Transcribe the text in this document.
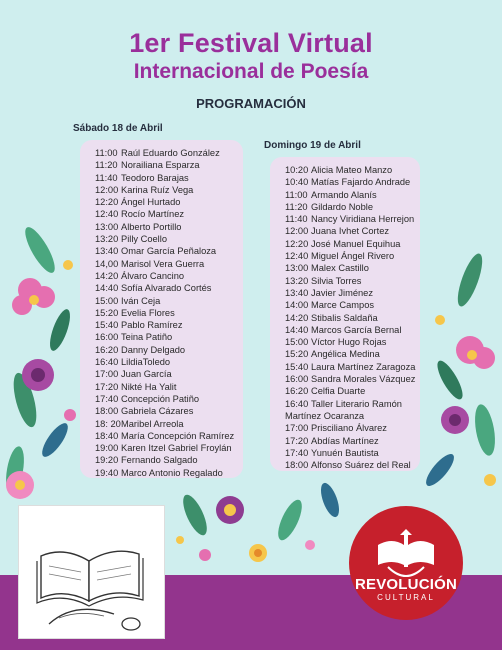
1er Festival Virtual
Internacional de Poesía
PROGRAMACIÓN
Sábado 18 de Abril
11:00 Raúl Eduardo González
11:20 Norailiana Esparza
11:40 Teodoro Barajas
12:00 Karina Ruíz Vega
12:20 Ángel Hurtado
12:40 Rocío Martínez
13:00 Alberto Portillo
13:20 Pilly Coello
13:40 Omar García Peñaloza
14,00 Marisol Vera Guerra
14:20 Álvaro Cancino
14:40 Sofía Alvarado Cortés
15:00 Iván Ceja
15:20 Evelia Flores
15:40 Pablo Ramírez
16:00 Teina Patiño
16:20 Danny Delgado
16:40 LildiaToledo
17:00 Juan García
17:20 Nikté Ha Yalit
17:40 Concepción Patiño
18:00 Gabriela Cázares
18: 20Maribel Arreola
18:40 María Concepción Ramírez
19:00 Karen Itzel Gabriel Froylán
19:20 Fernando Salgado
19:40 Marco Antonio Regalado
Domingo 19 de Abril
10:20 Alicia Mateo Manzo
10:40 Matías Fajardo Andrade
11:00 Armando Alanís
11:20 Gildardo Noble
11:40 Nancy Viridiana Herrejon
12:00 Juana Ivhet Cortez
12:20 José Manuel Equihua
12:40 Miguel Ángel Rivero
13:00 Malex Castillo
13:20 Silvia Torres
13:40 Javier Jiménez
14:00 Marce Campos
14:20 Stibalis Saldaña
14:40 Marcos García Bernal
15:00 Víctor Hugo Rojas
15:20 Angélica Medina
15:40 Laura Martínez Zaragoza
16:00 Sandra Morales Vázquez
16:20 Celfia Duarte
16:40 Taller Literario Ramón
Martínez Ocaranza
17:00 Prisciliano Álvarez
17:20 Abdías Martínez
17:40 Yunuén Bautista
18:00 Alfonso Suárez del Real
REVOLUCIÓN
CULTURAL
